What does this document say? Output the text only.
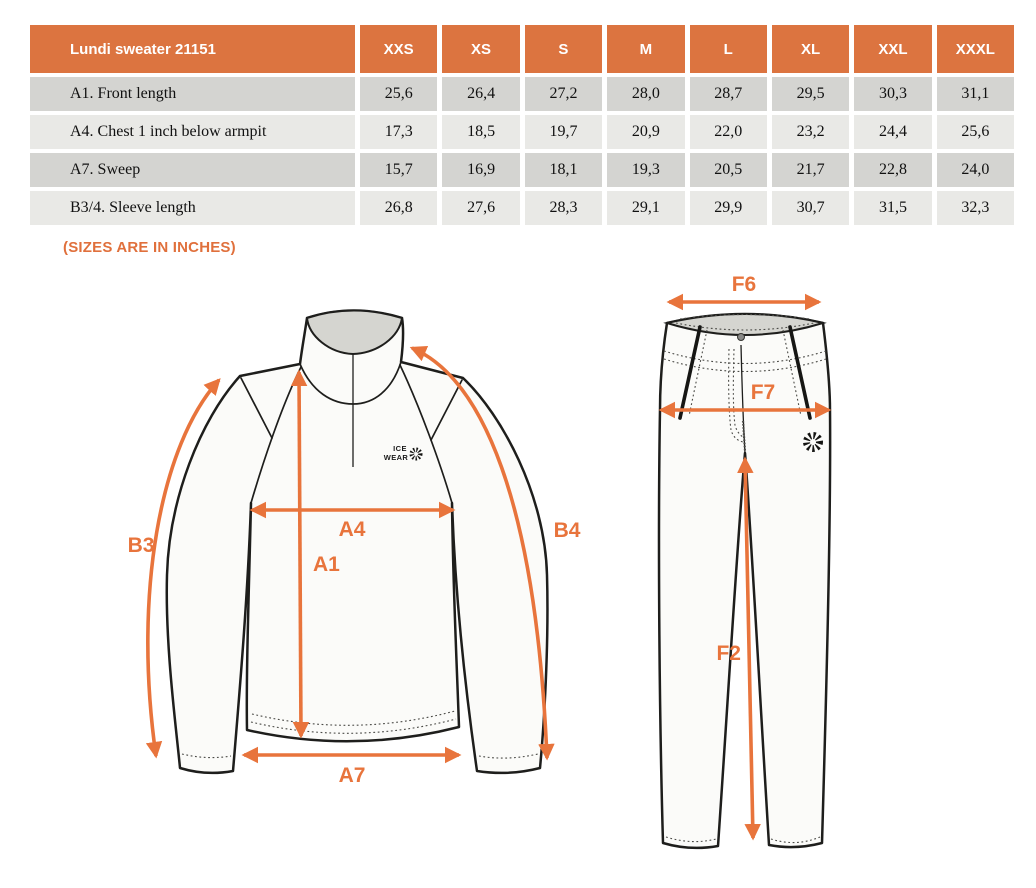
Lundi sweater 21151	XXS	XS	S	M	L	XL	XXL	XXXL
A1. Front length	25,6	26,4	27,2	28,0	28,7	29,5	30,3	31,1
A4. Chest 1 inch below armpit	17,3	18,5	19,7	20,9	22,0	23,2	24,4	25,6
A7. Sweep	15,7	16,9	18,1	19,3	20,5	21,7	22,8	24,0
B3/4. Sleeve length	26,8	27,6	28,3	29,1	29,9	30,7	31,5	32,3
(SIZES ARE IN INCHES)
ICE
WEAR
A4
A1
A7
B3
B4
F6
F7
F2
